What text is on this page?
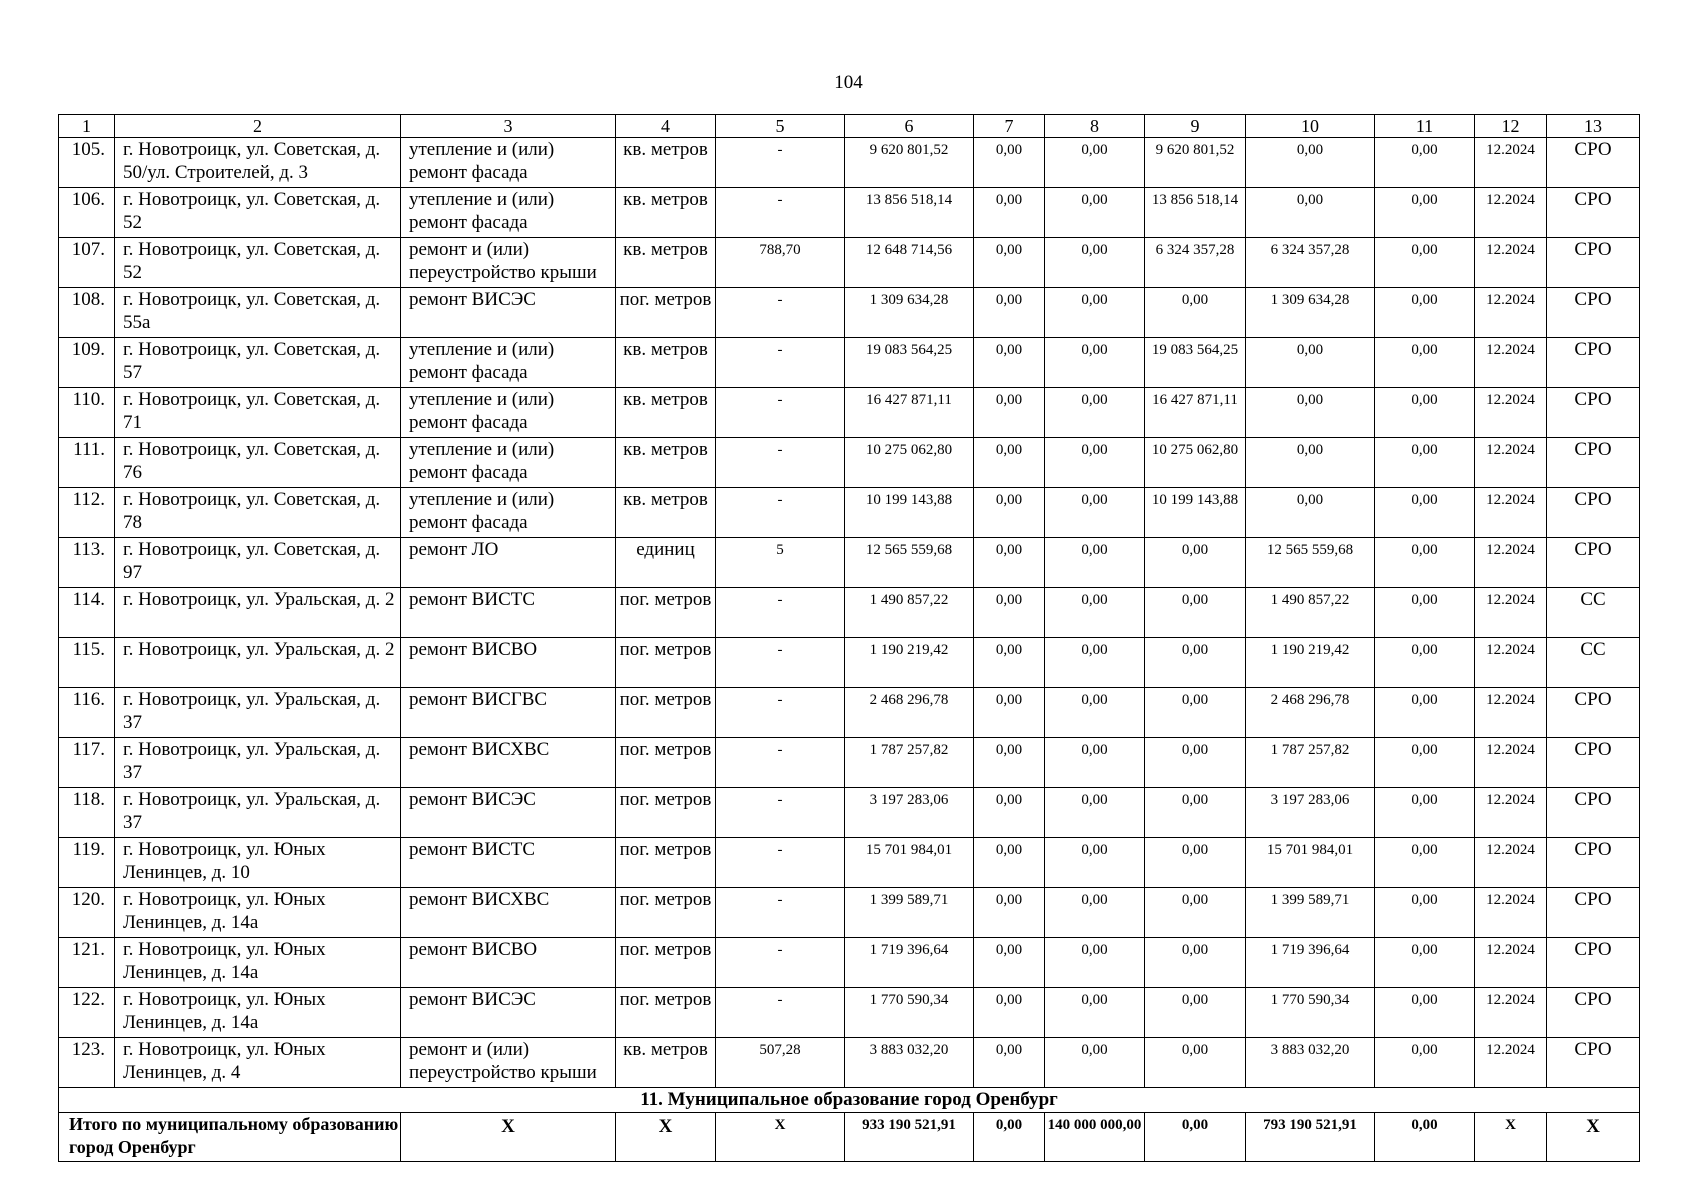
104
1	2	3	4	5	6	7	8	9	10	11	12	13
105.	г. Новотроицк, ул. Советская, д. 50/ул. Строителей, д. 3	утепление и (или) ремонт фасада	кв. метров	-	9 620 801,52	0,00	0,00	9 620 801,52	0,00	0,00	12.2024	СРО
106.	г. Новотроицк, ул. Советская, д. 52	утепление и (или) ремонт фасада	кв. метров	-	13 856 518,14	0,00	0,00	13 856 518,14	0,00	0,00	12.2024	СРО
107.	г. Новотроицк, ул. Советская, д. 52	ремонт и (или) переустройство крыши	кв. метров	788,70	12 648 714,56	0,00	0,00	6 324 357,28	6 324 357,28	0,00	12.2024	СРО
108.	г. Новотроицк, ул. Советская, д. 55а	ремонт ВИСЭС	пог. метров	-	1 309 634,28	0,00	0,00	0,00	1 309 634,28	0,00	12.2024	СРО
109.	г. Новотроицк, ул. Советская, д. 57	утепление и (или) ремонт фасада	кв. метров	-	19 083 564,25	0,00	0,00	19 083 564,25	0,00	0,00	12.2024	СРО
110.	г. Новотроицк, ул. Советская, д. 71	утепление и (или) ремонт фасада	кв. метров	-	16 427 871,11	0,00	0,00	16 427 871,11	0,00	0,00	12.2024	СРО
111.	г. Новотроицк, ул. Советская, д. 76	утепление и (или) ремонт фасада	кв. метров	-	10 275 062,80	0,00	0,00	10 275 062,80	0,00	0,00	12.2024	СРО
112.	г. Новотроицк, ул. Советская, д. 78	утепление и (или) ремонт фасада	кв. метров	-	10 199 143,88	0,00	0,00	10 199 143,88	0,00	0,00	12.2024	СРО
113.	г. Новотроицк, ул. Советская, д. 97	ремонт ЛО	единиц	5	12 565 559,68	0,00	0,00	0,00	12 565 559,68	0,00	12.2024	СРО
114.	г. Новотроицк, ул. Уральская, д. 2	ремонт ВИСТС	пог. метров	-	1 490 857,22	0,00	0,00	0,00	1 490 857,22	0,00	12.2024	СС
115.	г. Новотроицк, ул. Уральская, д. 2	ремонт ВИСВО	пог. метров	-	1 190 219,42	0,00	0,00	0,00	1 190 219,42	0,00	12.2024	СС
116.	г. Новотроицк, ул. Уральская, д. 37	ремонт ВИСГВС	пог. метров	-	2 468 296,78	0,00	0,00	0,00	2 468 296,78	0,00	12.2024	СРО
117.	г. Новотроицк, ул. Уральская, д. 37	ремонт ВИСХВС	пог. метров	-	1 787 257,82	0,00	0,00	0,00	1 787 257,82	0,00	12.2024	СРО
118.	г. Новотроицк, ул. Уральская, д. 37	ремонт ВИСЭС	пог. метров	-	3 197 283,06	0,00	0,00	0,00	3 197 283,06	0,00	12.2024	СРО
119.	г. Новотроицк, ул. Юных Ленинцев, д. 10	ремонт ВИСТС	пог. метров	-	15 701 984,01	0,00	0,00	0,00	15 701 984,01	0,00	12.2024	СРО
120.	г. Новотроицк, ул. Юных Ленинцев, д. 14а	ремонт ВИСХВС	пог. метров	-	1 399 589,71	0,00	0,00	0,00	1 399 589,71	0,00	12.2024	СРО
121.	г. Новотроицк, ул. Юных Ленинцев, д. 14а	ремонт ВИСВО	пог. метров	-	1 719 396,64	0,00	0,00	0,00	1 719 396,64	0,00	12.2024	СРО
122.	г. Новотроицк, ул. Юных Ленинцев, д. 14а	ремонт ВИСЭС	пог. метров	-	1 770 590,34	0,00	0,00	0,00	1 770 590,34	0,00	12.2024	СРО
123.	г. Новотроицк, ул. Юных Ленинцев, д. 4	ремонт и (или) переустройство крыши	кв. метров	507,28	3 883 032,20	0,00	0,00	0,00	3 883 032,20	0,00	12.2024	СРО
11. Муниципальное образование город Оренбург												
Итого по муниципальному образованию город Оренбург		X	X	X	933 190 521,91	0,00	140 000 000,00	0,00	793 190 521,91	0,00	X	X
